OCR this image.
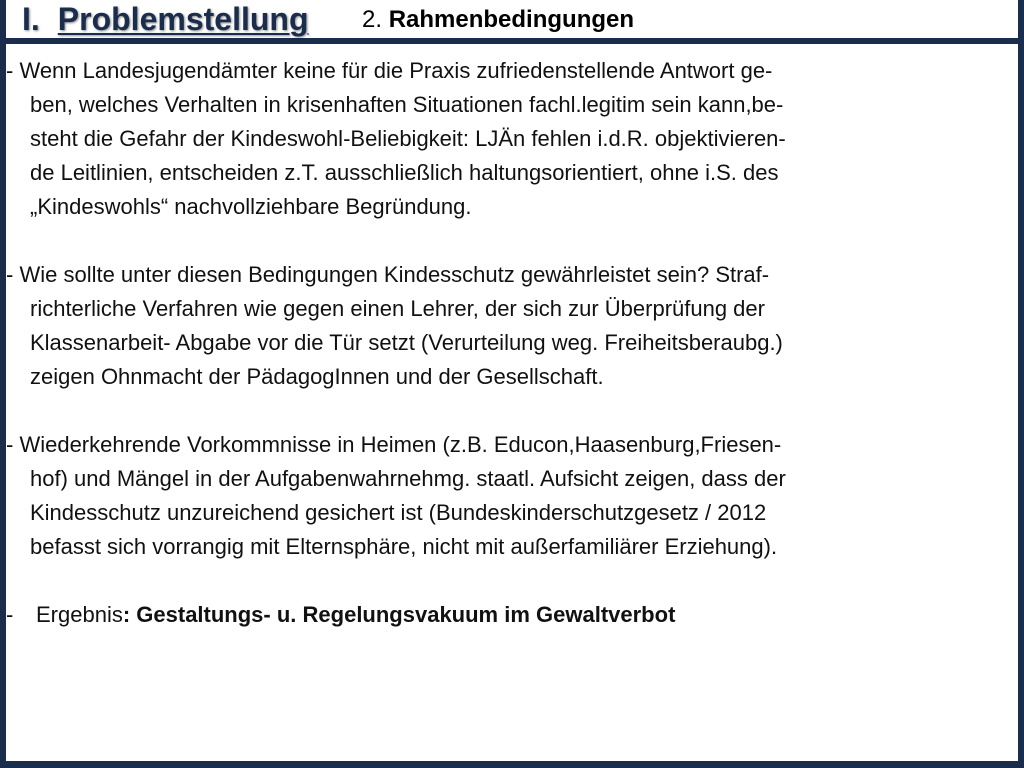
I. Problemstellung 2. Rahmenbedingungen
- Wenn Landesjugendämter keine für die Praxis zufriedenstellende Antwort ge-
ben, welches Verhalten in krisenhaften Situationen fachl.legitim sein kann,be-
steht die Gefahr der Kindeswohl-Beliebigkeit: LJÄn fehlen i.d.R. objektivieren-
de Leitlinien, entscheiden z.T. ausschließlich haltungsorientiert, ohne i.S. des
„Kindeswohls“ nachvollziehbare Begründung.
- Wie sollte unter diesen Bedingungen Kindesschutz gewährleistet sein? Straf-
richterliche Verfahren wie gegen einen Lehrer, der sich zur Überprüfung der
Klassenarbeit- Abgabe vor die Tür setzt (Verurteilung weg. Freiheitsberaubg.)
zeigen Ohnmacht der PädagogInnen und der Gesellschaft.
- Wiederkehrende Vorkommnisse in Heimen (z.B. Educon,Haasenburg,Friesen-
hof) und Mängel in der Aufgabenwahrnehmg. staatl. Aufsicht zeigen, dass der
Kindesschutz unzureichend gesichert ist (Bundeskinderschutzgesetz / 2012
befasst sich vorrangig mit Elternsphäre, nicht mit außerfamiliärer Erziehung).
- Ergebnis: Gestaltungs- u. Regelungsvakuum im Gewaltverbot
